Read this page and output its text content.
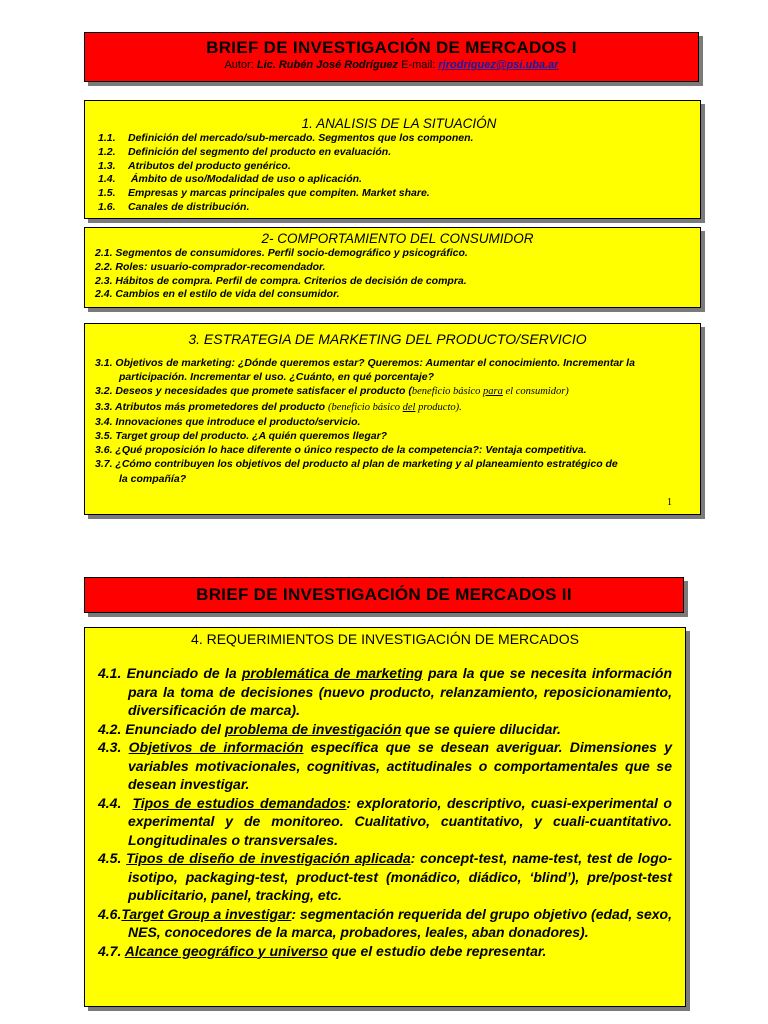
BRIEF DE INVESTIGACIÓN DE MERCADOS I
Autor: Lic. Rubén José Rodríguez E-mail: rjrodriguez@psi.uba.ar
1. ANALISIS DE LA SITUACIÓN
1.1.	Definición del mercado/sub-mercado. Segmentos que los componen.
1.2.	Definición del segmento del producto en evaluación.
1.3.	Atributos del producto genérico.
1.4.	Ámbito de uso/Modalidad de uso o aplicación.
1.5.	Empresas y marcas principales que compiten. Market share.
1.6.	Canales de distribución.
2- COMPORTAMIENTO DEL CONSUMIDOR
2.1. Segmentos de consumidores. Perfil socio-demográfico y psicográfico.
2.2. Roles: usuario-comprador-recomendador.
2.3. Hábitos de compra. Perfil de compra. Criterios de decisión de compra.
2.4. Cambios en el estilo de vida del consumidor.
3. ESTRATEGIA DE MARKETING DEL PRODUCTO/SERVICIO
3.1. Objetivos de marketing: ¿Dónde queremos estar? Queremos: Aumentar el conocimiento. Incrementar la participación. Incrementar el uso. ¿Cuánto, en qué porcentaje?
3.2. Deseos y necesidades que promete satisfacer el producto (beneficio básico para el consumidor)
3.3. Atributos más prometedores del producto (beneficio básico del producto).
3.4. Innovaciones que introduce el producto/servicio.
3.5. Target group del producto. ¿A quién queremos llegar?
3.6. ¿Qué proposición lo hace diferente o único respecto de la competencia?: Ventaja competitiva.
3.7. ¿Cómo contribuyen los objetivos del producto al plan de marketing y al planeamiento estratégico de la compañía?
1
BRIEF DE INVESTIGACIÓN DE MERCADOS II
4. REQUERIMIENTOS DE INVESTIGACIÓN DE MERCADOS
4.1. Enunciado de la problemática de marketing para la que se necesita información para la toma de decisiones (nuevo producto, relanzamiento, reposicionamiento, diversificación de marca).
4.2. Enunciado del problema de investigación que se quiere dilucidar.
4.3. Objetivos de información específica que se desean averiguar. Dimensiones y variables motivacionales, cognitivas, actitudinales o comportamentales que se desean investigar.
4.4.  Tipos de estudios demandados: exploratorio, descriptivo, cuasi-experimental o experimental y de monitoreo. Cualitativo, cuantitativo, y cuali-cuantitativo. Longitudinales o transversales.
4.5. Tipos de diseño de investigación aplicada: concept-test, name-test, test de logo-isotipo, packaging-test, product-test (monádico, diádico, ‘blind’), pre/post-test publicitario, panel, tracking, etc.
4.6.Target Group a investigar: segmentación requerida del grupo objetivo (edad, sexo, NES, conocedores de la marca, probadores, leales, aban donadores).
4.7. Alcance geográfico y universo que el estudio debe representar.
